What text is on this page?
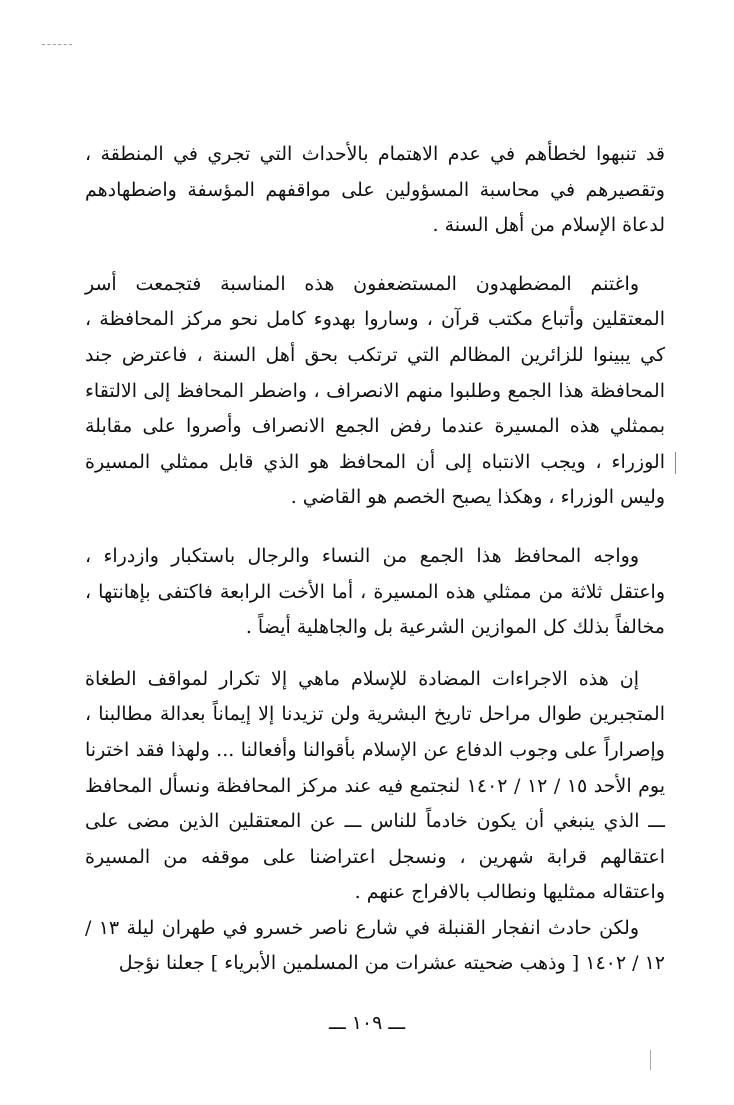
قد تنبهوا لخطأهم في عدم الاهتمام بالأحداث التي تجري في المنطقة ، وتقصيرهم في محاسبة المسؤولين على مواقفهم المؤسفة واضطهادهم لدعاة الإسلام من أهل السنة .

واغتنم المضطهدون المستضعفون هذه المناسبة فتجمعت أسر المعتقلين وأتباع مكتب قرآن ، وساروا بهدوء كامل نحو مركز المحافظة ، كي يبينوا للزائرين المظالم التي ترتكب بحق أهل السنة ، فاعترض جند المحافظة هذا الجمع وطلبوا منهم الانصراف ، واضطر المحافظ إلى الالتقاء بممثلي هذه المسيرة عندما رفض الجمع الانصراف وأصروا على مقابلة الوزراء ، ويجب الانتباه إلى أن المحافظ هو الذي قابل ممثلي المسيرة وليس الوزراء ، وهكذا يصبح الخصم هو القاضي .

وواجه المحافظ هذا الجمع من النساء والرجال باستكبار وازدراء ، واعتقل ثلاثة من ممثلي هذه المسيرة ، أما الأخت الرابعة فاكتفى بإهانتها ، مخالفاً بذلك كل الموازين الشرعية بل والجاهلية أيضاً .

إن هذه الاجراءات المضادة للإسلام ماهي إلا تكرار لمواقف الطغاة المتجبرين طوال مراحل تاريخ البشرية ولن تزيدنا إلا إيماناً بعدالة مطالبنا ، وإصراراً على وجوب الدفاع عن الإسلام بأقوالنا وأفعالنا ... ولهذا فقد اخترنا يوم الأحد ١٥ / ١٢ / ١٤٠٢ لنجتمع فيه عند مركز المحافظة ونسأل المحافظ ـــ الذي ينبغي أن يكون خادماً للناس ـــ عن المعتقلين الذين مضى على اعتقالهم قرابة شهرين ، ونسجل اعتراضنا على موقفه من المسيرة واعتقاله ممثليها ونطالب بالافراج عنهم .

ولكن حادث انفجار القنبلة في شارع ناصر خسرو في طهران ليلة ١٣ / ١٢ / ١٤٠٢ [ وذهب ضحيته عشرات من المسلمين الأبرياء ] جعلنا نؤجل

ـــ ١٠٩ ـــ
